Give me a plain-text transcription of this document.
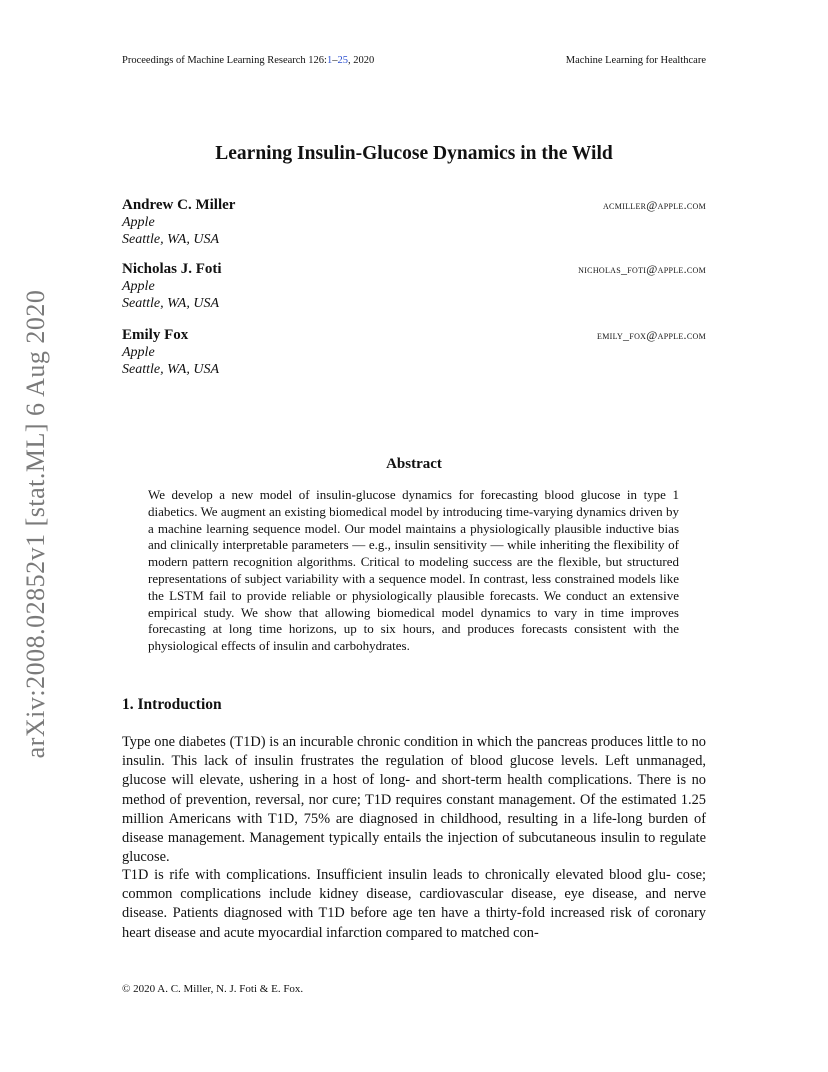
Proceedings of Machine Learning Research 126:1–25, 2020	Machine Learning for Healthcare
arXiv:2008.02852v1 [stat.ML] 6 Aug 2020
Learning Insulin-Glucose Dynamics in the Wild
Andrew C. Miller
Apple
Seattle, WA, USA
acmiller@apple.com
Nicholas J. Foti
Apple
Seattle, WA, USA
nicholas_foti@apple.com
Emily Fox
Apple
Seattle, WA, USA
emily_fox@apple.com
Abstract
We develop a new model of insulin-glucose dynamics for forecasting blood glucose in type 1 diabetics. We augment an existing biomedical model by introducing time-varying dynamics driven by a machine learning sequence model. Our model maintains a physiologically plausible inductive bias and clinically interpretable parameters — e.g., insulin sensitivity — while inheriting the flexibility of modern pattern recognition algorithms. Critical to modeling success are the flexible, but structured representations of subject variability with a sequence model. In contrast, less constrained models like the LSTM fail to provide reliable or physiologically plausible forecasts. We conduct an extensive empirical study. We show that allowing biomedical model dynamics to vary in time improves forecasting at long time horizons, up to six hours, and produces forecasts consistent with the physiological effects of insulin and carbohydrates.
1. Introduction
Type one diabetes (T1D) is an incurable chronic condition in which the pancreas produces little to no insulin. This lack of insulin frustrates the regulation of blood glucose levels. Left unmanaged, glucose will elevate, ushering in a host of long- and short-term health complications. There is no method of prevention, reversal, nor cure; T1D requires constant management. Of the estimated 1.25 million Americans with T1D, 75% are diagnosed in childhood, resulting in a life-long burden of disease management. Management typically entails the injection of subcutaneous insulin to regulate glucose.
T1D is rife with complications. Insufficient insulin leads to chronically elevated blood glu- cose; common complications include kidney disease, cardiovascular disease, eye disease, and nerve disease. Patients diagnosed with T1D before age ten have a thirty-fold increased risk of coronary heart disease and acute myocardial infarction compared to matched con-
© 2020 A. C. Miller, N. J. Foti & E. Fox.
